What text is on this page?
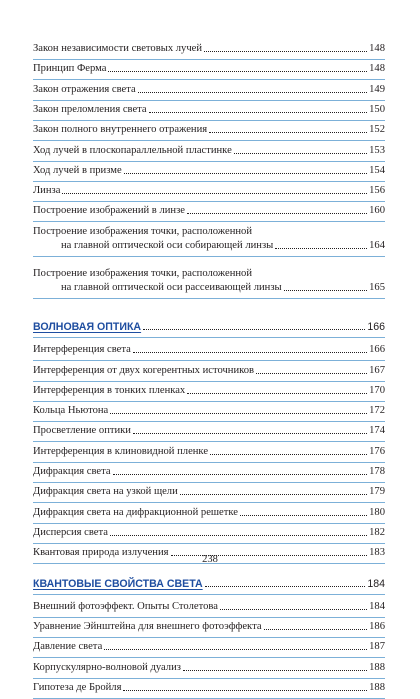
Закон независимости световых лучей	148
Принцип Ферма	148
Закон отражения света	149
Закон преломления света	150
Закон полного внутреннего отражения	152
Ход лучей в плоскопараллельной пластинке	153
Ход лучей в призме	154
Линза	156
Построение изображений в линзе	160
Построение изображения точки, расположенной
на главной оптической оси собирающей линзы	164
Построение изображения точки, расположенной
на главной оптической оси рассеивающей линзы	165
ВОЛНОВАЯ ОПТИКА	166
Интерференция света	166
Интерференция от двух когерентных источников	167
Интерференция в тонких пленках	170
Кольца Ньютона	172
Просветление оптики	174
Интерференция в клиновидной пленке	176
Дифракция света	178
Дифракция света на узкой щели	179
Дифракция света на дифракционной решетке	180
Дисперсия света	182
Квантовая природа излучения	183
КВАНТОВЫЕ СВОЙСТВА СВЕТА	184
Внешний фотоэффект. Опыты Столетова	184
Уравнение Эйнштейна для внешнего фотоэффекта	186
Давление света	187
Корпускулярно-волновой дуализ	188
Гипотеза де Бройля	188
238
